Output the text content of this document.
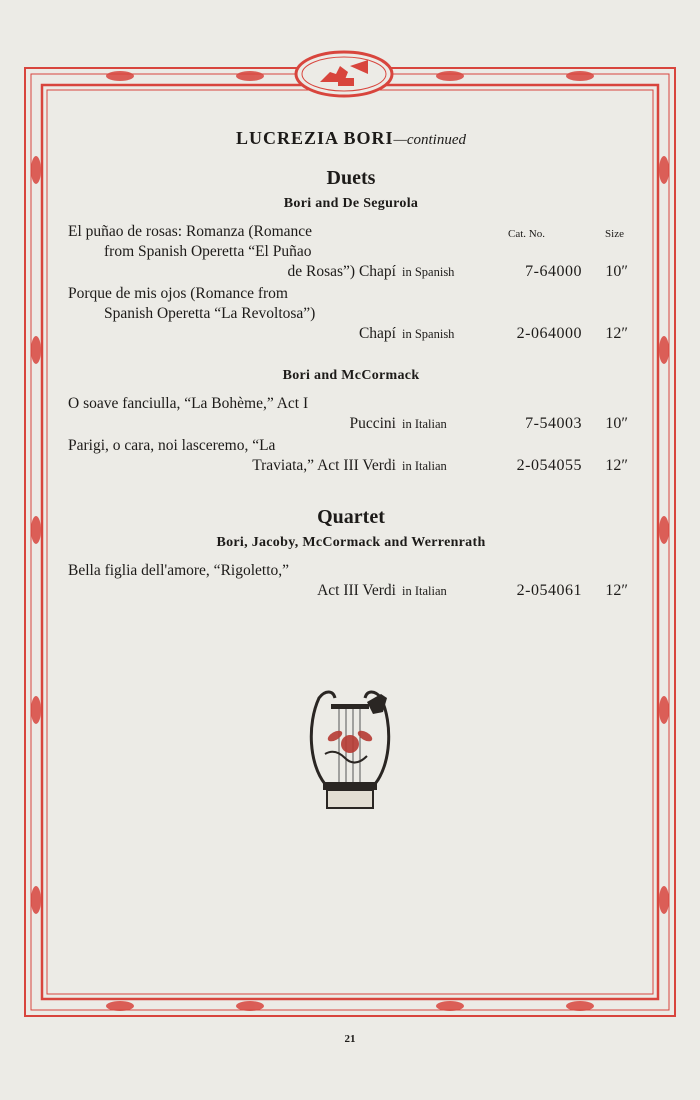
LUCREZIA BORI—continued
Duets
Bori and De Segurola
Cat. No.	Size
El puñao de rosas: Romanza (Romance
from Spanish Operetta “El Puñao
de Rosas”) Chapí in Spanish	7-64000 10″
Porque de mis ojos (Romance from
Spanish Operetta “La Revoltosa”)
Chapí in Spanish	2-064000 12″
Bori and McCormack
O soave fanciulla, “La Bohème,” Act I
Puccini in Italian	7-54003 10″
Parigi, o cara, noi lasceremo, “La
Traviata,” Act III Verdi in Italian	2-054055 12″
Quartet
Bori, Jacoby, McCormack and Werrenrath
Bella figlia dell'amore, “Rigoletto,”
Act III Verdi in Italian	2-054061 12″
21
